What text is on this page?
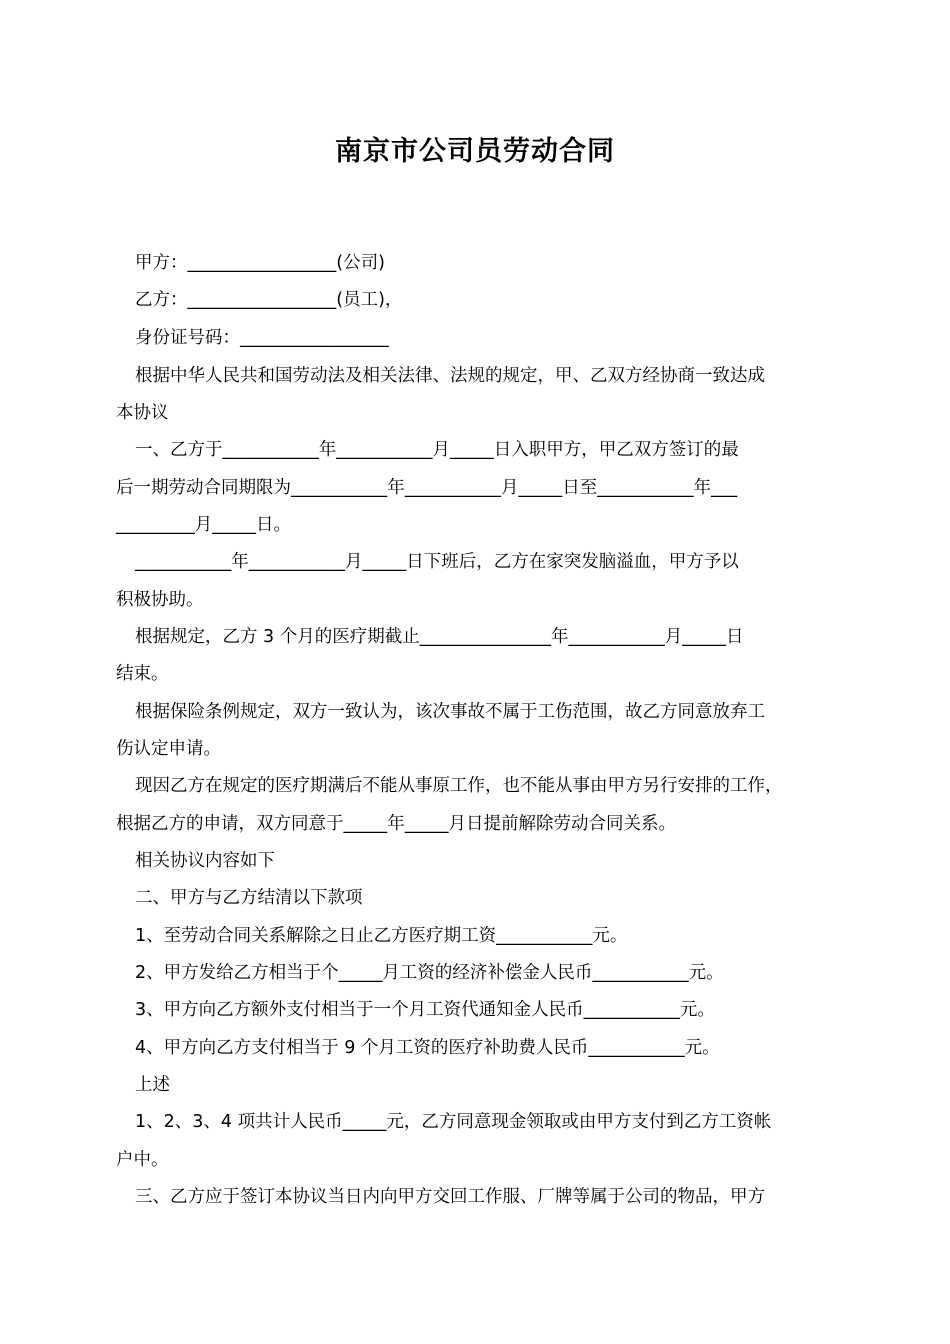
南京市公司员劳动合同
甲方：_________________(公司)
乙方：_________________(员工)，
身份证号码：_________________
根据中华人民共和国劳动法及相关法律、法规的规定，甲、乙双方经协商一致达成
本协议
一、乙方于___________年___________月_____日入职甲方，甲乙双方签订的最
后一期劳动合同期限为___________年___________月_____日至___________年___
_________月_____日。
___________年___________月_____日下班后，乙方在家突发脑溢血，甲方予以
积极协助。
根据规定，乙方 3 个月的医疗期截止_______________年___________月_____日
结束。
根据保险条例规定，双方一致认为，该次事故不属于工伤范围，故乙方同意放弃工
伤认定申请。
现因乙方在规定的医疗期满后不能从事原工作，也不能从事由甲方另行安排的工作，
根据乙方的申请，双方同意于_____年_____月日提前解除劳动合同关系。
相关协议内容如下
二、甲方与乙方结清以下款项
1、至劳动合同关系解除之日止乙方医疗期工资___________元。
2、甲方发给乙方相当于个_____月工资的经济补偿金人民币___________元。
3、甲方向乙方额外支付相当于一个月工资代通知金人民币___________元。
4、甲方向乙方支付相当于 9 个月工资的医疗补助费人民币___________元。
上述
1、2、3、4 项共计人民币_____元，乙方同意现金领取或由甲方支付到乙方工资帐
户中。
三、乙方应于签订本协议当日内向甲方交回工作服、厂牌等属于公司的物品，甲方
